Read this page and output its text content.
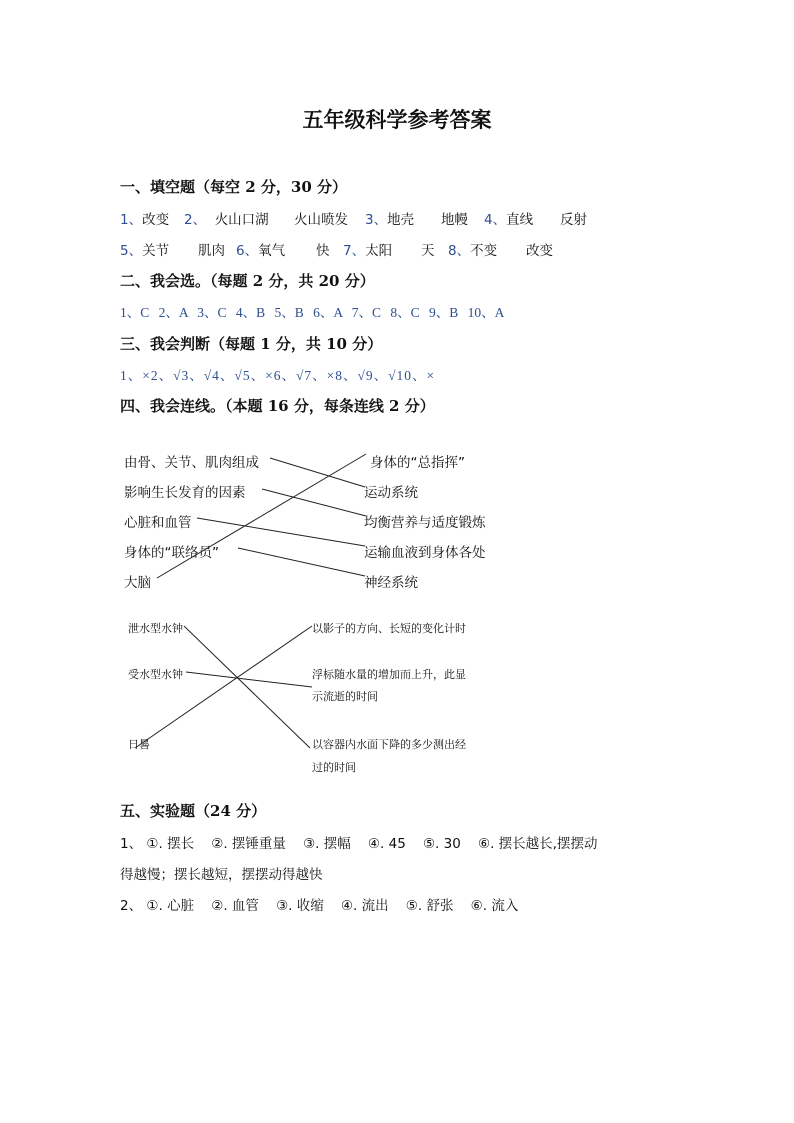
五年级科学参考答案
一、填空题（每空 2 分，30 分）
1、改变 2、 火山口湖 火山喷发 3、地壳 地幔 4、直线 反射
5、关节 肌肉 6、氧气 快 7、太阳 天 8、不变 改变
二、我会选。（每题 2 分，共 20 分）
1、C 2、A 3、C 4、B 5、B 6、A 7、C 8、C 9、B 10、A
三、我会判断（每题 1 分，共 10 分）
1、×2、√3、√4、√5、×6、√7、×8、√9、√10、×
四、我会连线。（本题 16 分，每条连线 2 分）
由骨、关节、肌肉组成
影响生长发育的因素
心脏和血管
身体的“联络员”
大脑
身体的“总指挥”
运动系统
均衡营养与适度锻炼
运输血液到身体各处
神经系统
泄水型水钟
受水型水钟
日晷
以影子的方向、长短的变化计时
浮标随水量的增加而上升，此显
示流逝的时间
以容器内水面下降的多少测出经
过的时间
五、实验题（24 分）
1、 ①. 摆长    ②. 摆锤重量    ③. 摆幅    ④. 45    ⑤. 30    ⑥. 摆长越长,摆摆动
得越慢；摆长越短，摆摆动得越快
2、 ①. 心脏    ②. 血管    ③. 收缩    ④. 流出    ⑤. 舒张    ⑥. 流入
